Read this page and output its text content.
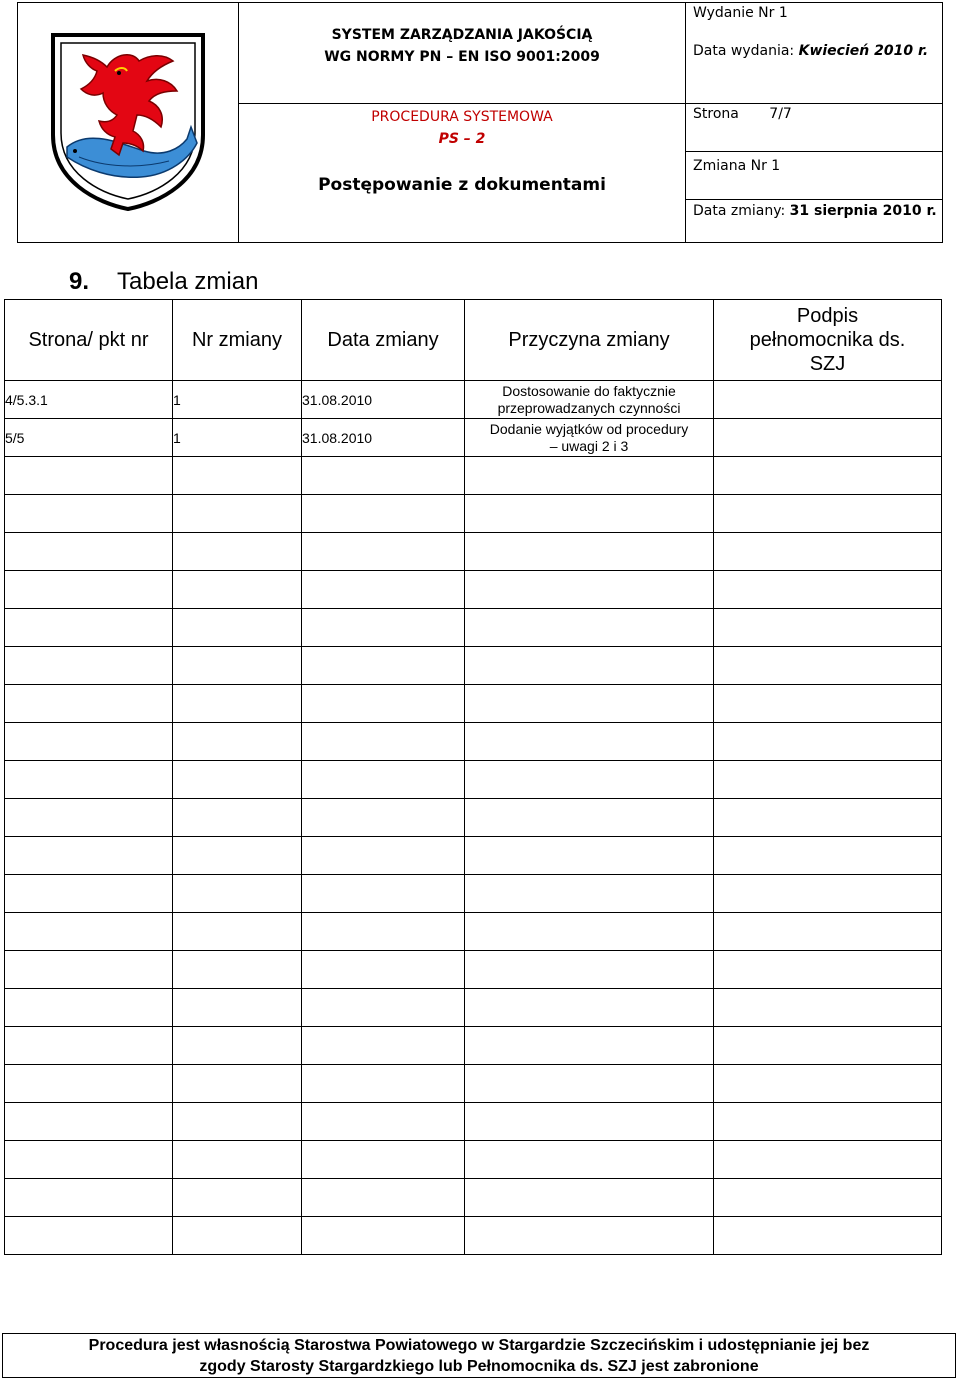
SYSTEM ZARZĄDZANIA JAKOŚCIĄ
WG NORMY PN – EN ISO 9001:2009
PROCEDURA SYSTEMOWA
PS – 2
Postępowanie z dokumentami
Wydanie Nr 1
Data wydania: Kwiecień 2010 r.
Strona 7/7
Zmiana Nr 1
Data zmiany: 31 sierpnia 2010 r.
9. Tabela zmian
Strona/ pkt nr	Nr zmiany	Data zmiany	Przyczyna zmiany	Podpis
pełnomocnika ds.
SZJ

4/5.3.1	1	31.08.2010	Dostosowanie do faktycznie
przeprowadzanych czynności	

5/5	1	31.08.2010	Dodanie wyjątków od procedury
– uwagi 2 i 3	

Procedura jest własnością Starostwa Powiatowego w Stargardzie Szczecińskim i udostępnianie jej bez
zgody Starosty Stargardzkiego lub Pełnomocnika ds. SZJ jest zabronione
